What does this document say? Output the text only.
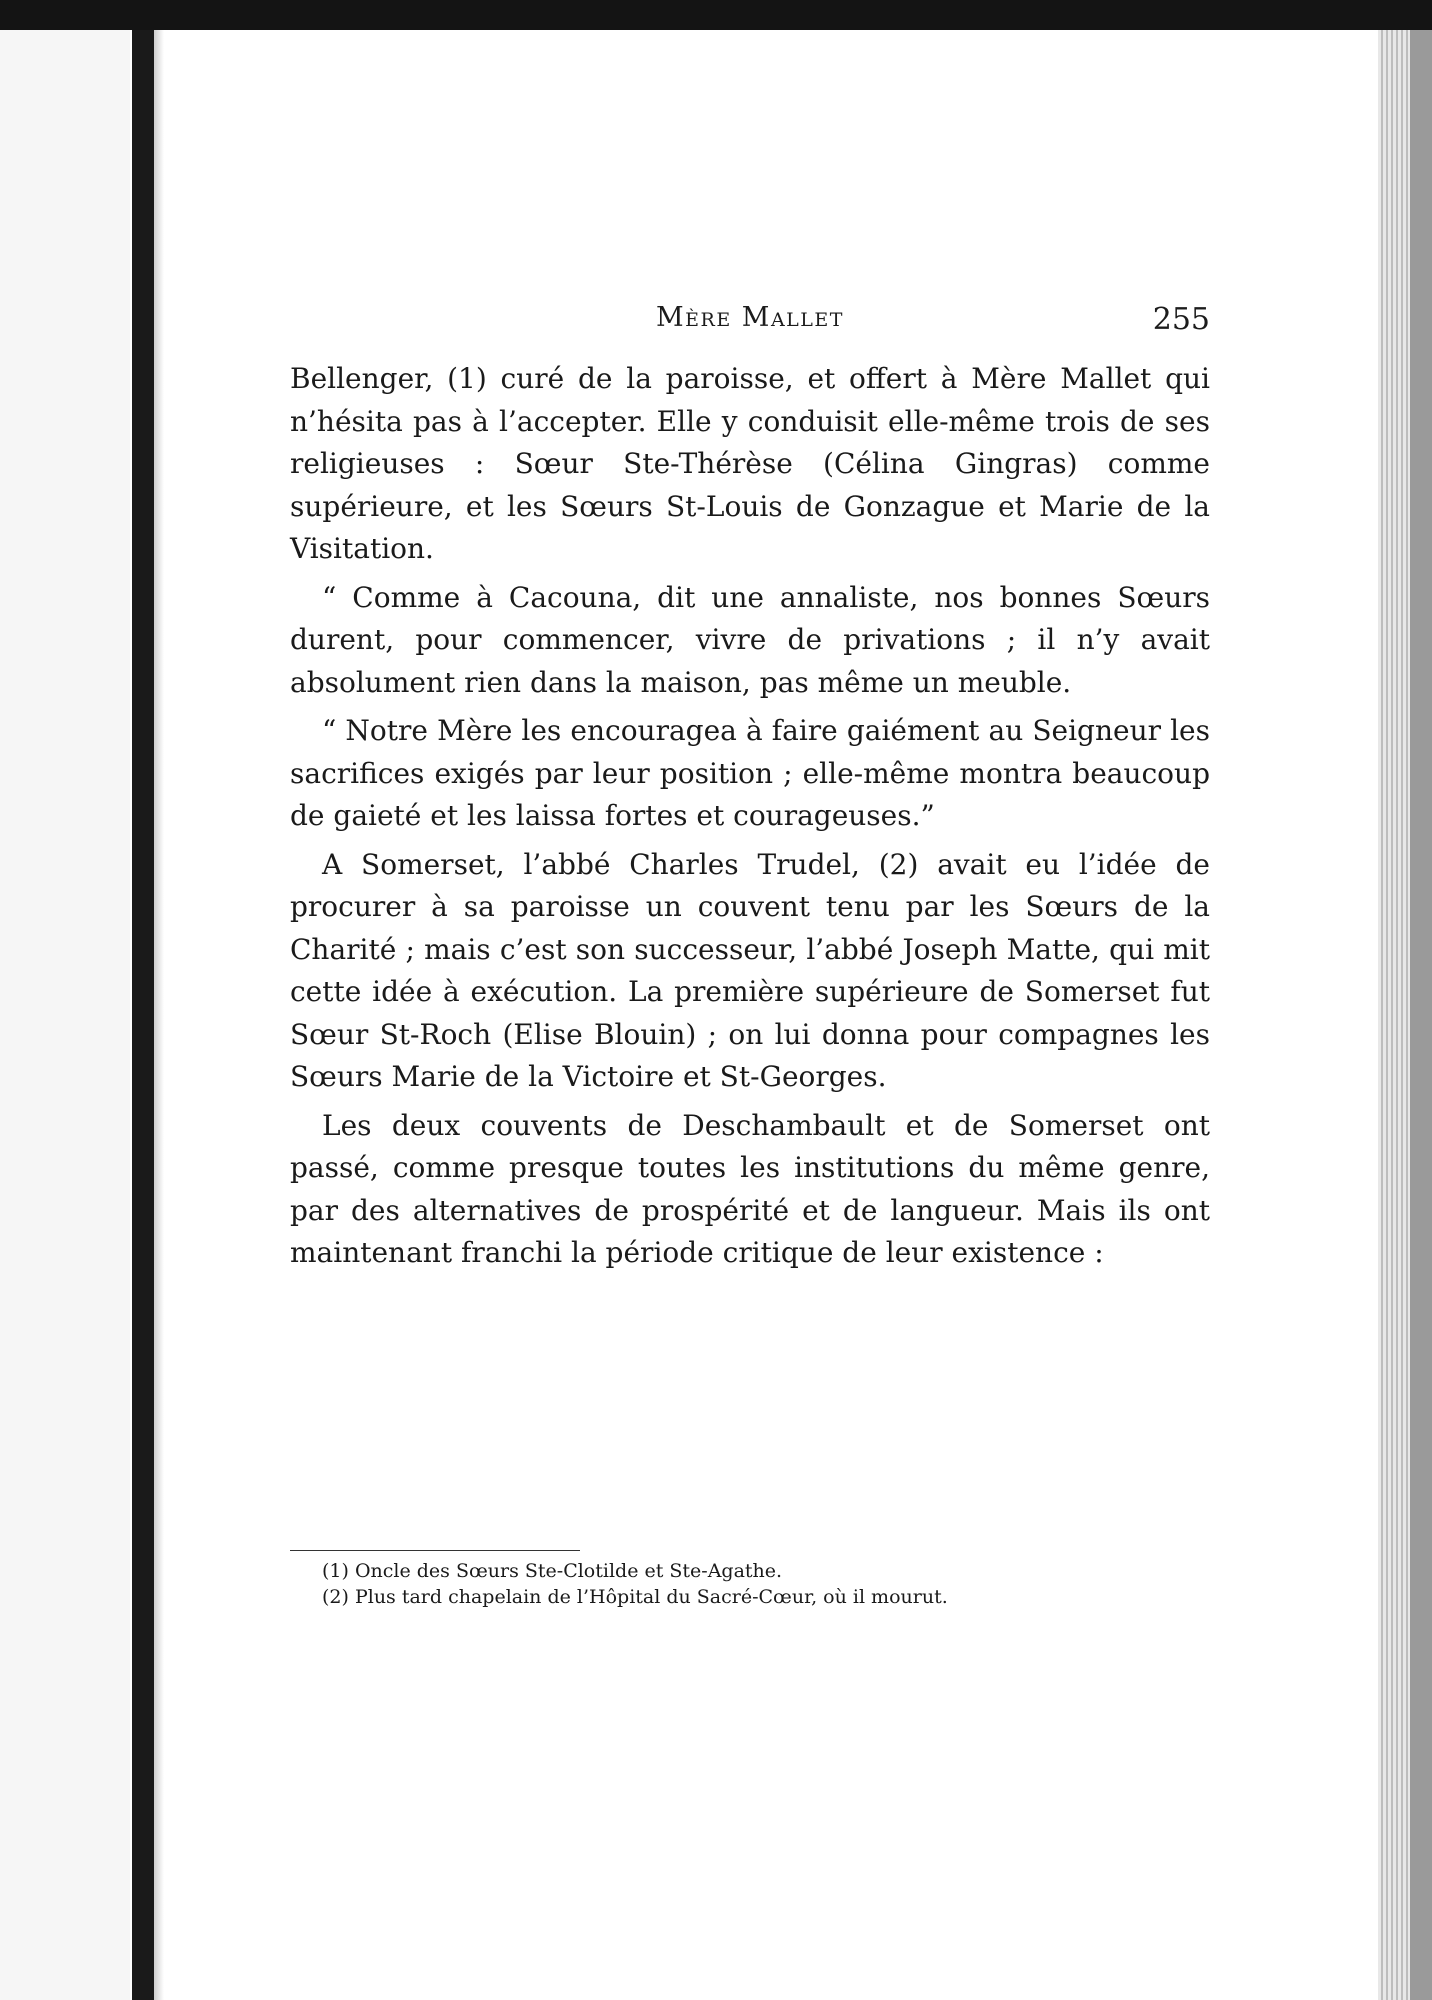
Mère Mallet	255

Bellenger, (1) curé de la paroisse, et offert à Mère Mallet qui n’hésita pas à l’accepter. Elle y conduisit elle-même trois de ses religieuses : Sœur Ste-Thérèse (Célina Gingras) comme supérieure, et les Sœurs St-Louis de Gonzague et Marie de la Visitation.

“ Comme à Cacouna, dit une annaliste, nos bonnes Sœurs durent, pour commencer, vivre de privations ; il n’y avait absolument rien dans la maison, pas même un meuble.

“ Notre Mère les encouragea à faire gaiément au Seigneur les sacrifices exigés par leur position ; elle-même montra beaucoup de gaieté et les laissa fortes et courageuses.”

A Somerset, l’abbé Charles Trudel, (2) avait eu l’idée de procurer à sa paroisse un couvent tenu par les Sœurs de la Charité ; mais c’est son successeur, l’abbé Joseph Matte, qui mit cette idée à exécution. La première supérieure de Somerset fut Sœur St-Roch (Elise Blouin) ; on lui donna pour compagnes les Sœurs Marie de la Victoire et St-Georges.

Les deux couvents de Deschambault et de Somerset ont passé, comme presque toutes les institutions du même genre, par des alternatives de prospérité et de langueur. Mais ils ont maintenant franchi la période critique de leur existence :

(1) Oncle des Sœurs Ste-Clotilde et Ste-Agathe.

(2) Plus tard chapelain de l’Hôpital du Sacré-Cœur, où il mourut.
